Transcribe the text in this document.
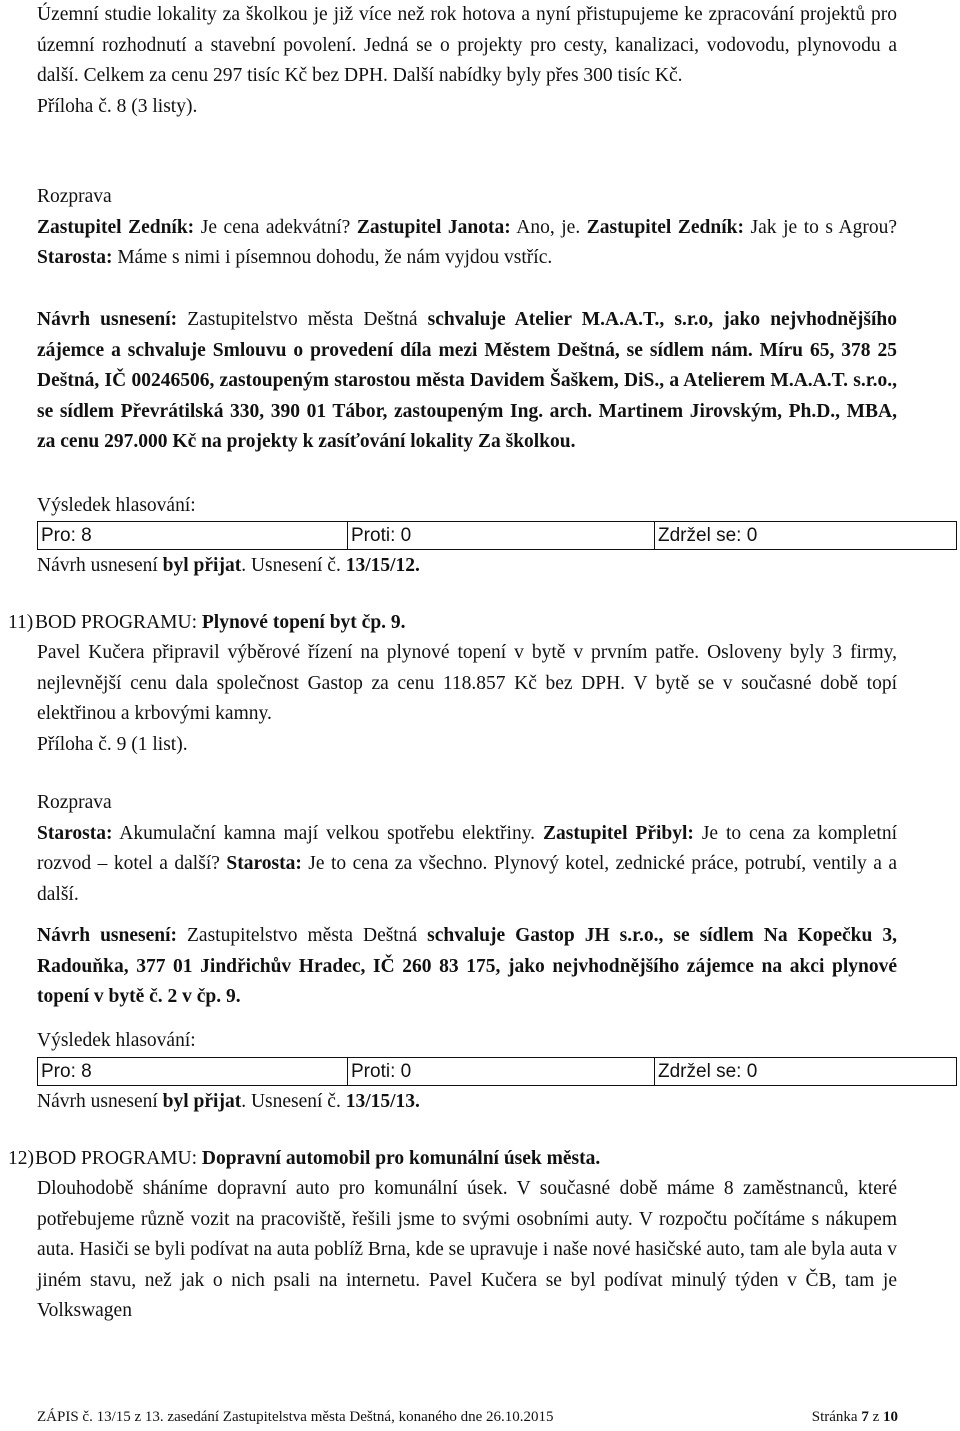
Územní studie lokality za školkou je již více než rok hotova a nyní přistupujeme ke zpracování projektů pro územní rozhodnutí a stavební povolení. Jedná se o projekty pro cesty, kanalizaci, vodovodu, plynovodu a další. Celkem za cenu 297 tisíc Kč bez DPH. Další nabídky byly přes 300 tisíc Kč.

Příloha č. 8 (3 listy).

Rozprava

Zastupitel Zedník: Je cena adekvátní? Zastupitel Janota: Ano, je. Zastupitel Zedník: Jak je to s Agrou? Starosta: Máme s nimi i písemnou dohodu, že nám vyjdou vstříc.

Návrh usnesení: Zastupitelstvo města Deštná schvaluje Atelier M.A.A.T., s.r.o, jako nejvhodnějšího zájemce a schvaluje Smlouvu o provedení díla mezi Městem Deštná, se sídlem nám. Míru 65, 378 25 Deštná, IČ 00246506, zastoupeným starostou města Davidem Šaškem, DiS., a Atelierem M.A.A.T. s.r.o., se sídlem Převrátilská 330, 390 01 Tábor, zastoupeným Ing. arch. Martinem Jirovským, Ph.D., MBA, za cenu 297.000 Kč na projekty k zasíťování lokality Za školkou.

Výsledek hlasování:

Pro: 8	Proti: 0	Zdržel se: 0

Návrh usnesení byl přijat. Usnesení č. 13/15/12.

11)BOD PROGRAMU: Plynové topení byt čp. 9.

Pavel Kučera připravil výběrové řízení na plynové topení v bytě v prvním patře. Osloveny byly 3 firmy, nejlevnější cenu dala společnost Gastop za cenu 118.857 Kč bez DPH. V bytě se v současné době topí elektřinou a krbovými kamny.

Příloha č. 9 (1 list).

Rozprava

Starosta: Akumulační kamna mají velkou spotřebu elektřiny. Zastupitel Přibyl: Je to cena za kompletní rozvod – kotel a další? Starosta: Je to cena za všechno. Plynový kotel, zednické práce, potrubí, ventily a a další.

Návrh usnesení: Zastupitelstvo města Deštná schvaluje Gastop JH s.r.o., se sídlem Na Kopečku 3, Radouňka, 377 01 Jindřichův Hradec, IČ 260 83 175, jako nejvhodnějšího zájemce na akci plynové topení v bytě č. 2 v čp. 9.

Výsledek hlasování:

Pro: 8	Proti: 0	Zdržel se: 0

Návrh usnesení byl přijat. Usnesení č. 13/15/13.

12)BOD PROGRAMU: Dopravní automobil pro komunální úsek města.

Dlouhodobě sháníme dopravní auto pro komunální úsek. V současné době máme 8 zaměstnanců, které potřebujeme různě vozit na pracoviště, řešili jsme to svými osobními auty. V rozpočtu počítáme s nákupem auta. Hasiči se byli podívat na auta poblíž Brna, kde se upravuje i naše nové hasičské auto, tam ale byla auta v jiném stavu, než jak o nich psali na internetu. Pavel Kučera se byl podívat minulý týden v ČB, tam je Volkswagen

ZÁPIS č. 13/15 z 13. zasedání Zastupitelstva města Deštná, konaného dne 26.10.2015	Stránka 7 z 10
